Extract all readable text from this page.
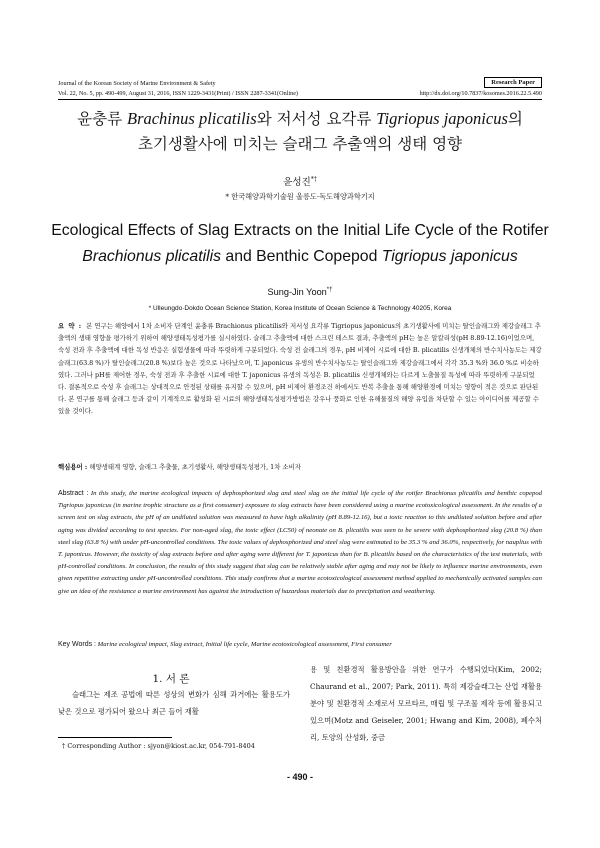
Journal of the Korean Society of Marine Environment & Safety	Research Paper
Vol. 22, No. 5, pp. 490-499, August 31, 2016, ISSN 1229-3431(Print) / ISSN 2287-3341(Online)	http://dx.doi.org/10.7837/kosomes.2016.22.5.490
윤충류 Brachinus plicatilis와 저서성 요각류 Tigriopus japonicus의
초기생활사에 미치는 슬래그 추출액의 생태 영향
윤성진*†
* 한국해양과학기술원 울릉도·독도해양과학기지
Ecological Effects of Slag Extracts on the Initial Life Cycle of the Rotifer
Brachionus plicatilis and Benthic Copepod Tigriopus japonicus
Sung-Jin Yoon*†
* Ulleungdo·Dokdo Ocean Science Station, Korea Institute of Ocean Science & Technology 40205, Korea
요 약 : 본 연구는 해양에서 1차 소비자 단계인 윤충류 Brachionus plicatilis와 저서성 요각류 Tigriopus japonicus의 초기생활사에 미치는 탈인슬래그와 제강슬래그 추출액의 생태 영향을 평가하기 위하여 해양생태독성평가를 실시하였다. 슬래그 추출액에 대한 스크린 테스트 결과, 추출액의 pH는 높은 알칼리성(pH 8.89-12.16)이었으며, 숙성 전과 후 추출액에 대한 독성 반응은 실험생물에 따라 뚜렷하게 구분되었다. 숙성 전 슬래그의 경우, pH 비제어 시료에 대한 B. plicatilis 신생개체의 반수치사농도는 제강슬래그(63.8 %)가 탈인슬래그(20.8 %)보다 높은 것으로 나타났으며, T. japonicus 유생의 반수치사농도는 탈인슬래그와 제강슬래그에서 각각 35.3 %와 36.0 %로 비슷하였다. 그러나 pH를 제어한 경우, 숙성 전과 후 추출한 시료에 대한 T. japonicus 유생의 독성은 B. plicatilis 신생개체와는 다르게 노출물질 특성에 따라 뚜렷하게 구분되었다. 결론적으로 숙성 후 슬래그는 상대적으로 안정된 상태를 유지할 수 있으며, pH 비제어 환경조건 하에서도 반복 추출을 통해 해양환경에 미치는 영향이 적은 것으로 판단된다. 본 연구를 통해 슬래그 등과 같이 기계적으로 활성화 된 시료의 해양생태독성평가방법은 강우나 풍화로 인한 유해물질의 해양 유입을 차단할 수 있는 아이디어를 제공할 수 있을 것이다.
핵심용어 : 해양생태계 영향, 슬래그 추출물, 초기생활사, 해양생태독성평가, 1차 소비자
Abstract : In this study, the marine ecological impacts of dephosphorized slag and steel slag on the initial life cycle of the rotifer Brachionus plicatilis and benthic copepod Tigriopus japonicus (in marine trophic structure as a first consumer) exposure to slag extracts have been considered using a marine ecotoxicological assessment. In the results of a screen test on slag extracts, the pH of an undiluted solution was measured to have high alkalinity (pH 8.89-12.16), but a toxic reaction to this undiluted solution before and after aging was divided according to test species. For non-aged slag, the toxic effect (LC50) of neonate on B. plicatilis was seen to be severe with dephosphorized slag (20.8 %) than steel slag (63.8 %) with under pH-uncontrolled conditions. The toxic values of dephosphorized and steel slag were estimated to be 35.3 % and 36.0%, respectively, for nauplius with T. japonicus. However, the toxicity of slag extracts before and after aging were different for T. japonicus than for B. plicatilis based on the characteristics of the test materials, with pH-controlled conditions. In conclusion, the results of this study suggest that slag can be relatively stable after aging and may not be likely to influence marine environments, even given repetitive extracting under pH-uncontrolled conditions. This study confirms that a marine ecotoxicological assessment method applied to mechanically activated samples can give an idea of the resistance a marine environment has against the introduction of hazardous materials due to precipitation and weathering.
Key Words : Marine ecological impact, Slag extract, Initial life cycle, Marine ecotoxicological assessment, First consumer
1. 서 론
슬래그는 제조 공법에 따른 성상의 변화가 심해 과거에는 활용도가 낮은 것으로 평가되어 왔으나 최근 들어 재활
용 및 친환경적 활용방안을 위한 연구가 수행되었다(Kim, 2002; Chaurand et al., 2007; Park, 2011). 특히 제강슬래그는 산업 재활용 분야 및 친환경적 소재로서 모르타르, 매립 및 구조물 제작 등에 활용되고 있으며(Motz and Geiseler, 2001; Hwang and Kim, 2008), 폐수처리, 토양의 산성화, 중금
† Corresponding Author : sjyon@kiost.ac.kr, 054-791-8404
- 490 -
